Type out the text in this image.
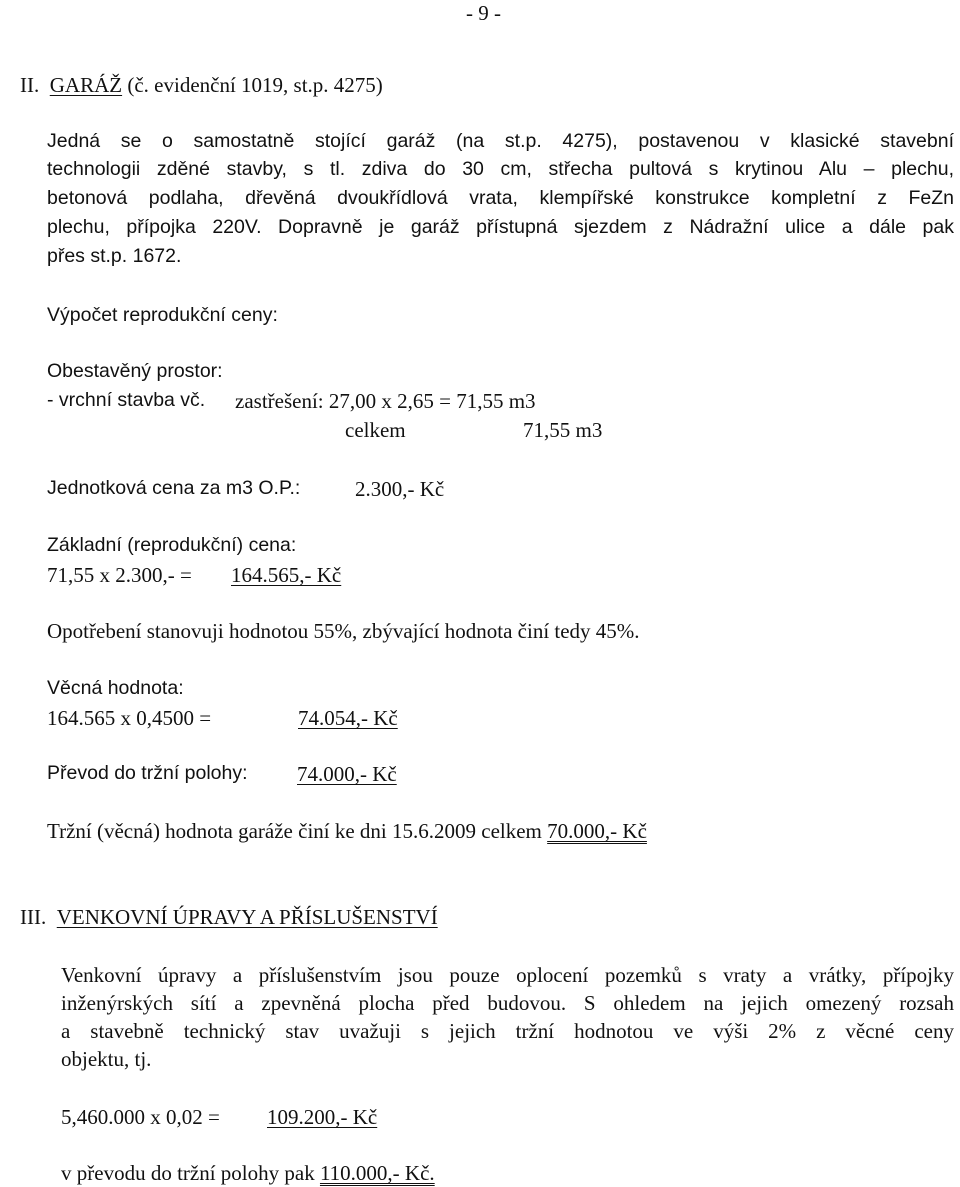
- 9 -
II. GARÁŽ (č. evidenční 1019, st.p. 4275)
Jedná se o samostatně stojící garáž (na st.p. 4275), postavenou v klasické stavební
technologii zděné stavby, s tl. zdiva do 30 cm, střecha pultová s krytinou Alu – plechu,
betonová podlaha, dřevěná dvoukřídlová vrata, klempířské konstrukce kompletní z FeZn
plechu, přípojka 220V. Dopravně je garáž přístupná sjezdem z Nádražní ulice a dále pak
přes st.p. 1672.
Výpočet reprodukční ceny:
Obestavěný prostor:
- vrchní stavba vč. zastřešení: 27,00 x 2,65 = 71,55 m3
celkem	71,55 m3
Jednotková cena za m3 O.P.:	2.300,- Kč
Základní (reprodukční) cena:
71,55 x 2.300,- = 164.565,- Kč
Opotřebení stanovuji hodnotou 55%, zbývající hodnota činí tedy 45%.
Věcná hodnota:
164.565 x 0,4500 =	74.054,- Kč
Převod do tržní polohy: 74.000,- Kč
Tržní (věcná) hodnota garáže činí ke dni 15.6.2009 celkem 70.000,- Kč
III. VENKOVNÍ ÚPRAVY A PŘÍSLUŠENSTVÍ
Venkovní úpravy a příslušenstvím jsou pouze oplocení pozemků s vraty a vrátky, přípojky
inženýrských sítí a zpevněná plocha před budovou. S ohledem na jejich omezený rozsah
a stavebně technický stav uvažuji s jejich tržní hodnotou ve výši 2% z věcné ceny
objektu, tj.
5,460.000 x 0,02 = 109.200,- Kč
v převodu do tržní polohy pak 110.000,- Kč.
